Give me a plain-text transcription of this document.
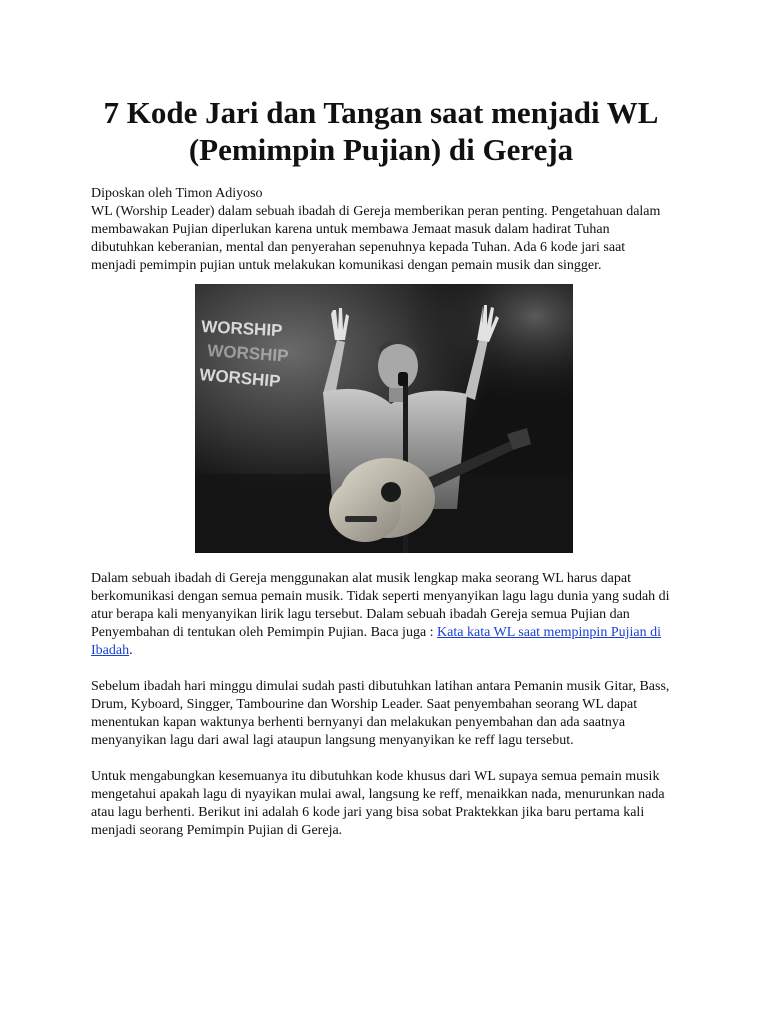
7 Kode Jari dan Tangan saat menjadi WL (Pemimpin Pujian) di Gereja

Diposkan oleh Timon Adiyoso

WL (Worship Leader) dalam sebuah ibadah di Gereja memberikan peran penting. Pengetahuan dalam membawakan Pujian diperlukan karena untuk membawa Jemaat masuk dalam hadirat Tuhan dibutuhkan keberanian, mental dan penyerahan sepenuhnya kepada Tuhan. Ada 6 kode jari saat menjadi pemimpin pujian untuk melakukan komunikasi dengan pemain musik dan singger.

WORSHIP
WORSHIP
WORSHIP

Dalam sebuah ibadah di Gereja menggunakan alat musik lengkap maka seorang WL harus dapat berkomunikasi dengan semua pemain musik. Tidak seperti menyanyikan lagu lagu dunia yang sudah di atur berapa kali menyanyikan lirik lagu tersebut. Dalam sebuah ibadah Gereja semua Pujian dan Penyembahan di tentukan oleh Pemimpin Pujian. Baca juga : Kata kata WL saat mempinpin Pujian di Ibadah.

Sebelum ibadah hari minggu dimulai sudah pasti dibutuhkan latihan antara Pemanin musik Gitar, Bass, Drum, Kyboard, Singger, Tambourine dan Worship Leader. Saat penyembahan seorang WL dapat menentukan kapan waktunya berhenti bernyanyi dan melakukan penyembahan dan ada saatnya menyanyikan lagu dari awal lagi ataupun langsung menyanyikan ke reff lagu tersebut.

Untuk mengabungkan kesemuanya itu dibutuhkan kode khusus dari WL supaya semua pemain musik mengetahui apakah lagu di nyayikan mulai awal, langsung ke reff, menaikkan nada, menurunkan nada atau lagu berhenti. Berikut ini adalah 6 kode jari yang bisa sobat Praktekkan jika baru pertama kali menjadi seorang Pemimpin Pujian di Gereja.
